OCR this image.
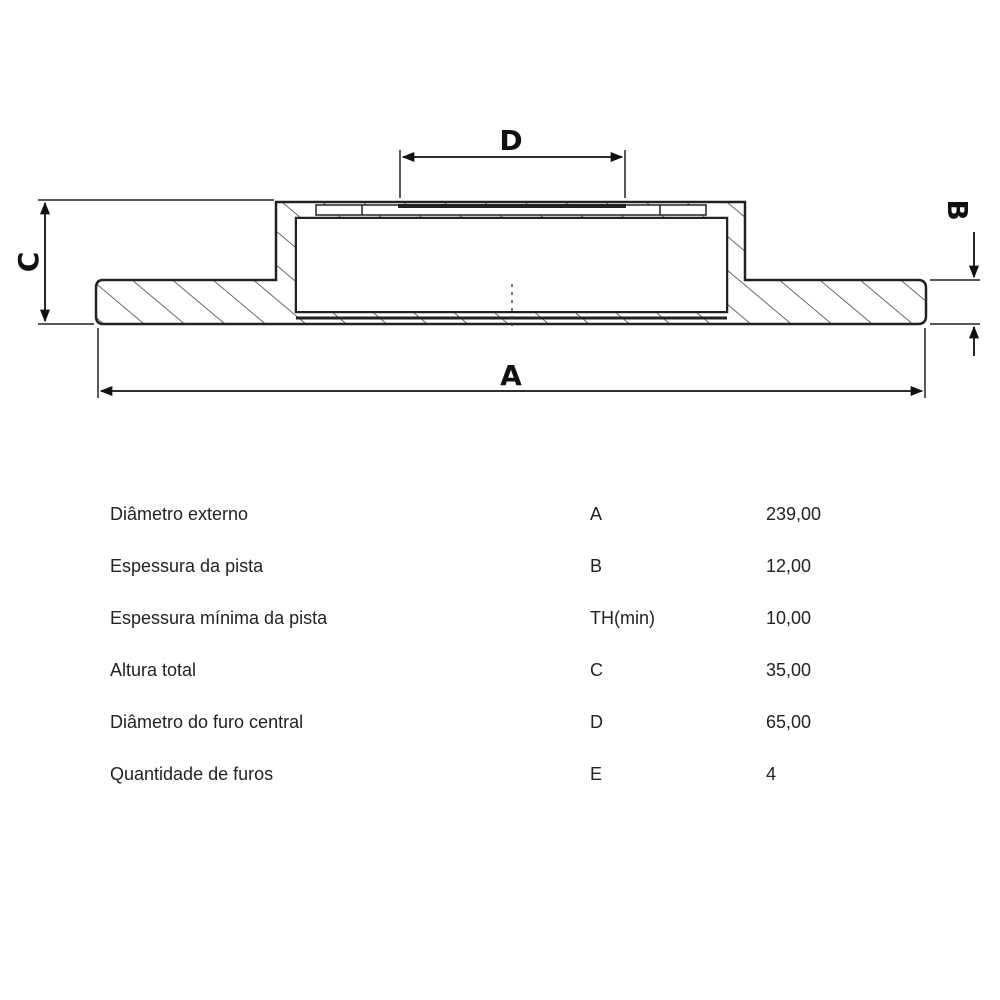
D
C
B
A
Diâmetro externo	A	239,00
Espessura da pista	B	12,00
Espessura mínima da pista	TH(min)	10,00
Altura total	C	35,00
Diâmetro do furo central	D	65,00
Quantidade de furos	E	4
